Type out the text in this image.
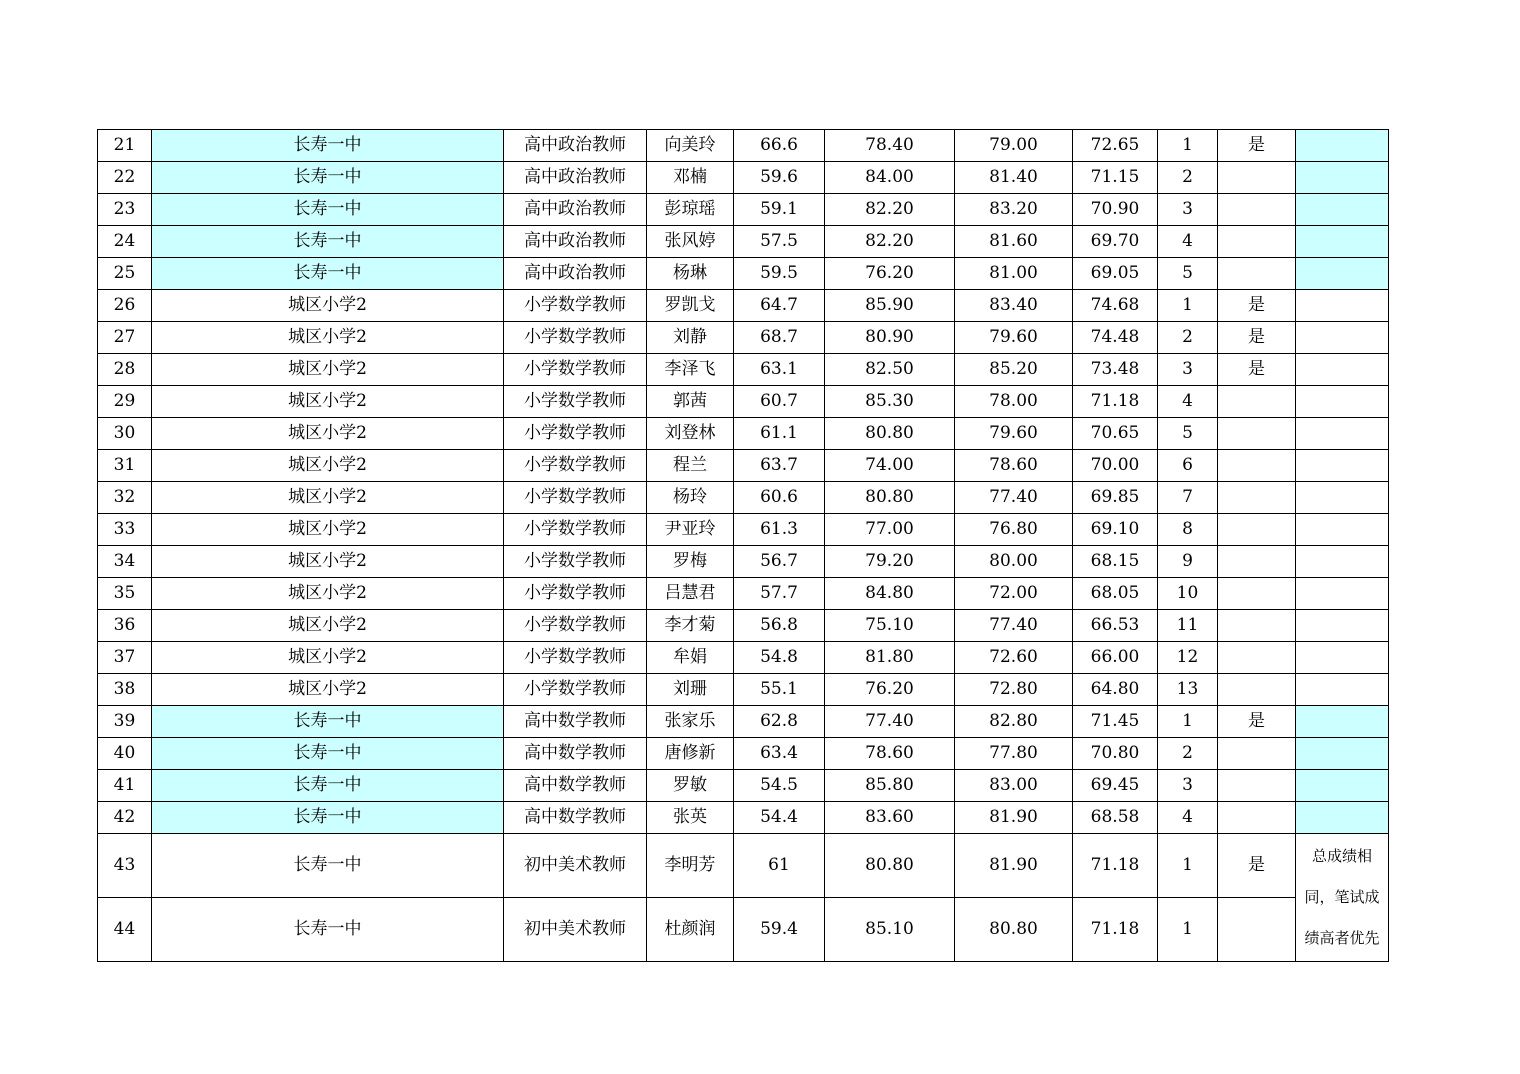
21	长寿一中	高中政治教师	向美玲	66.6	78.40	79.00	72.65	1	是	
22	长寿一中	高中政治教师	邓楠	59.6	84.00	81.40	71.15	2		
23	长寿一中	高中政治教师	彭琼瑶	59.1	82.20	83.20	70.90	3		
24	长寿一中	高中政治教师	张风婷	57.5	82.20	81.60	69.70	4		
25	长寿一中	高中政治教师	杨琳	59.5	76.20	81.00	69.05	5		
26	城区小学2	小学数学教师	罗凯戈	64.7	85.90	83.40	74.68	1	是	
27	城区小学2	小学数学教师	刘静	68.7	80.90	79.60	74.48	2	是	
28	城区小学2	小学数学教师	李泽飞	63.1	82.50	85.20	73.48	3	是	
29	城区小学2	小学数学教师	郭茜	60.7	85.30	78.00	71.18	4		
30	城区小学2	小学数学教师	刘登林	61.1	80.80	79.60	70.65	5		
31	城区小学2	小学数学教师	程兰	63.7	74.00	78.60	70.00	6		
32	城区小学2	小学数学教师	杨玲	60.6	80.80	77.40	69.85	7		
33	城区小学2	小学数学教师	尹亚玲	61.3	77.00	76.80	69.10	8		
34	城区小学2	小学数学教师	罗梅	56.7	79.20	80.00	68.15	9		
35	城区小学2	小学数学教师	吕慧君	57.7	84.80	72.00	68.05	10		
36	城区小学2	小学数学教师	李才菊	56.8	75.10	77.40	66.53	11		
37	城区小学2	小学数学教师	牟娟	54.8	81.80	72.60	66.00	12		
38	城区小学2	小学数学教师	刘珊	55.1	76.20	72.80	64.80	13		
39	长寿一中	高中数学教师	张家乐	62.8	77.40	82.80	71.45	1	是	
40	长寿一中	高中数学教师	唐修新	63.4	78.60	77.80	70.80	2		
41	长寿一中	高中数学教师	罗敏	54.5	85.80	83.00	69.45	3		
42	长寿一中	高中数学教师	张英	54.4	83.60	81.90	68.58	4		
43	长寿一中	初中美术教师	李明芳	61	80.80	81.90	71.18	1	是	总成绩相同，笔试成绩高者优先
44	长寿一中	初中美术教师	杜颜润	59.4	85.10	80.80	71.18	1		
